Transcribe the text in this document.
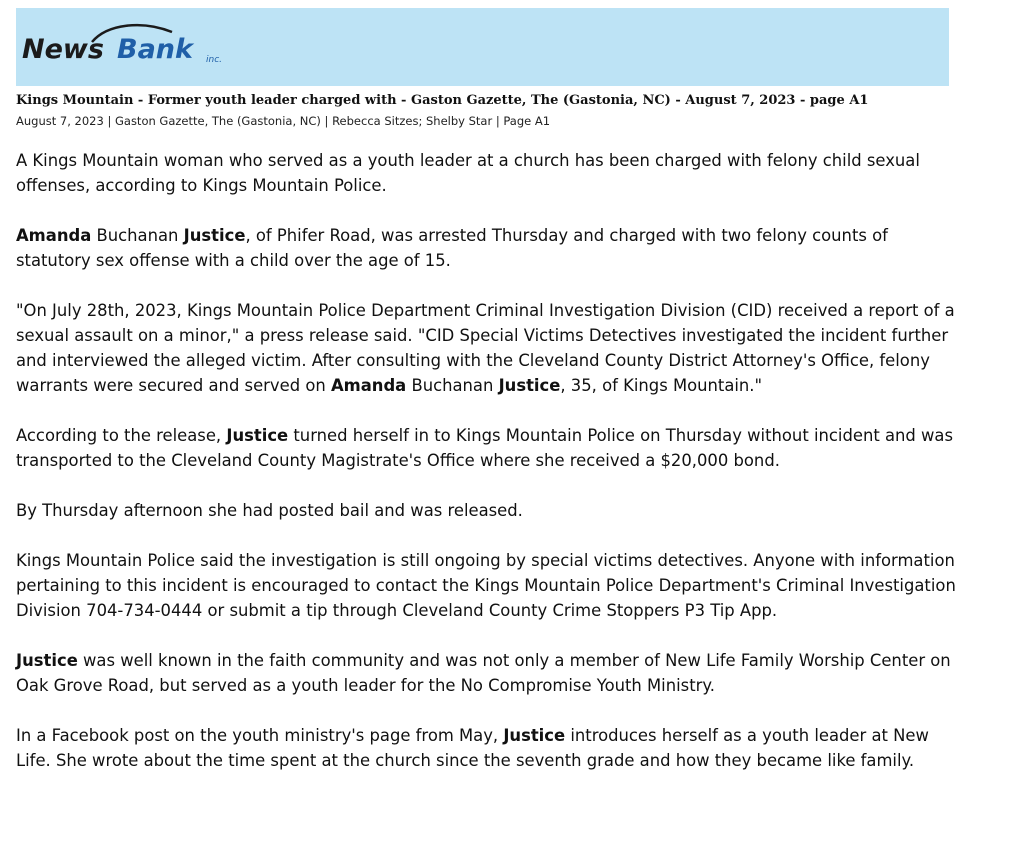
News Bank inc.
Kings Mountain - Former youth leader charged with - Gaston Gazette, The (Gastonia, NC) - August 7, 2023 - page A1
August 7, 2023 | Gaston Gazette, The (Gastonia, NC) | Rebecca Sitzes; Shelby Star | Page A1

A Kings Mountain woman who served as a youth leader at a church has been charged with felony child sexual offenses, according to Kings Mountain Police.

Amanda Buchanan Justice, of Phifer Road, was arrested Thursday and charged with two felony counts of statutory sex offense with a child over the age of 15.

"On July 28th, 2023, Kings Mountain Police Department Criminal Investigation Division (CID) received a report of a sexual assault on a minor," a press release said. "CID Special Victims Detectives investigated the incident further and interviewed the alleged victim. After consulting with the Cleveland County District Attorney's Office, felony warrants were secured and served on Amanda Buchanan Justice, 35, of Kings Mountain."

According to the release, Justice turned herself in to Kings Mountain Police on Thursday without incident and was transported to the Cleveland County Magistrate's Office where she received a $20,000 bond.

By Thursday afternoon she had posted bail and was released.

Kings Mountain Police said the investigation is still ongoing by special victims detectives. Anyone with information pertaining to this incident is encouraged to contact the Kings Mountain Police Department's Criminal Investigation Division 704-734-0444 or submit a tip through Cleveland County Crime Stoppers P3 Tip App.

Justice was well known in the faith community and was not only a member of New Life Family Worship Center on Oak Grove Road, but served as a youth leader for the No Compromise Youth Ministry.

In a Facebook post on the youth ministry's page from May, Justice introduces herself as a youth leader at New Life. She wrote about the time spent at the church since the seventh grade and how they became like family.
